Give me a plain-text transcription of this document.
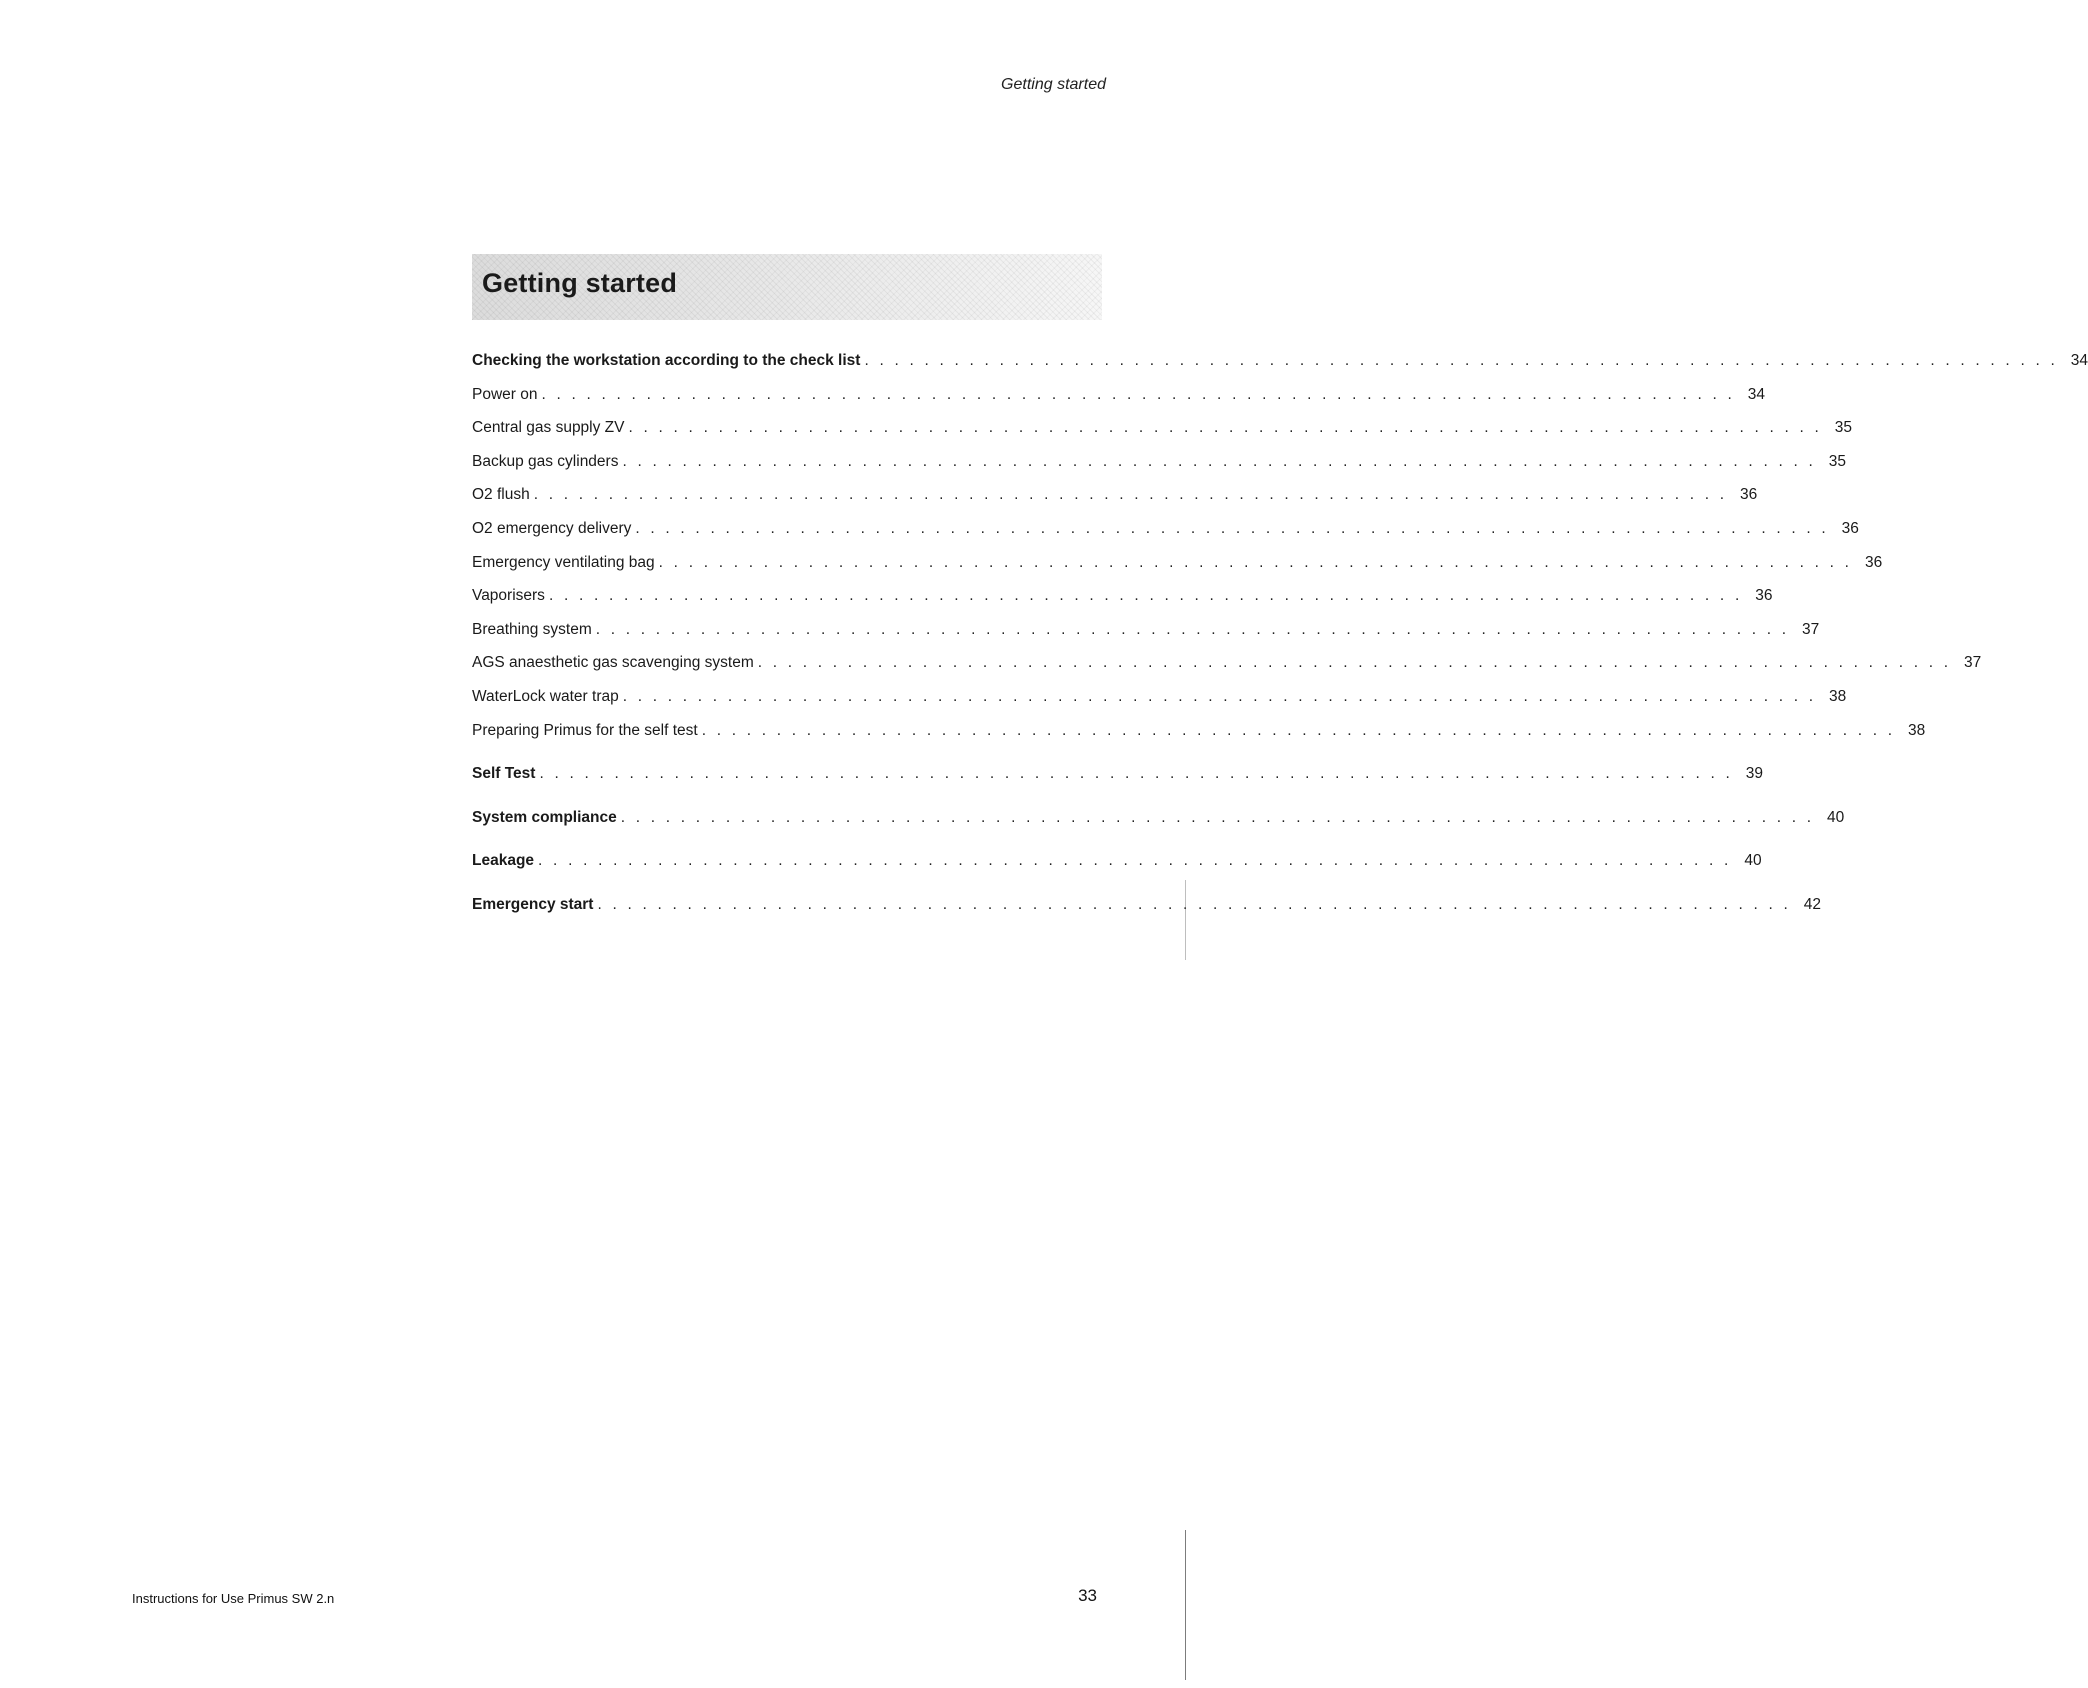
Getting started
Getting started
Checking the workstation according to the check list . . . . . . . . . . . . . . . . . . . . . . . . . . . . . . . . . . . . . . . . . . . . . . . . . . . . . . . . . . . . . . . . . . . . . . . . . . . . . . . . 34
Power on . . . . . . . . . . . . . . . . . . . . . . . . . . . . . . . . . . . . . . . . . . . . . . . . . . . . . . . . . . . . . . . . . . . . . . . . . . . . . . . . 34
Central gas supply ZV . . . . . . . . . . . . . . . . . . . . . . . . . . . . . . . . . . . . . . . . . . . . . . . . . . . . . . . . . . . . . . . . . . . . . . . . . . . . . . . . 35
Backup gas cylinders . . . . . . . . . . . . . . . . . . . . . . . . . . . . . . . . . . . . . . . . . . . . . . . . . . . . . . . . . . . . . . . . . . . . . . . . . . . . . . . . 35
O2 flush . . . . . . . . . . . . . . . . . . . . . . . . . . . . . . . . . . . . . . . . . . . . . . . . . . . . . . . . . . . . . . . . . . . . . . . . . . . . . . . . 36
O2 emergency delivery . . . . . . . . . . . . . . . . . . . . . . . . . . . . . . . . . . . . . . . . . . . . . . . . . . . . . . . . . . . . . . . . . . . . . . . . . . . . . . . . 36
Emergency ventilating bag . . . . . . . . . . . . . . . . . . . . . . . . . . . . . . . . . . . . . . . . . . . . . . . . . . . . . . . . . . . . . . . . . . . . . . . . . . . . . . . . 36
Vaporisers . . . . . . . . . . . . . . . . . . . . . . . . . . . . . . . . . . . . . . . . . . . . . . . . . . . . . . . . . . . . . . . . . . . . . . . . . . . . . . . . 36
Breathing system . . . . . . . . . . . . . . . . . . . . . . . . . . . . . . . . . . . . . . . . . . . . . . . . . . . . . . . . . . . . . . . . . . . . . . . . . . . . . . . . 37
AGS anaesthetic gas scavenging system . . . . . . . . . . . . . . . . . . . . . . . . . . . . . . . . . . . . . . . . . . . . . . . . . . . . . . . . . . . . . . . . . . . . . . . . . . . . . . . . 37
WaterLock water trap . . . . . . . . . . . . . . . . . . . . . . . . . . . . . . . . . . . . . . . . . . . . . . . . . . . . . . . . . . . . . . . . . . . . . . . . . . . . . . . . 38
Preparing Primus for the self test . . . . . . . . . . . . . . . . . . . . . . . . . . . . . . . . . . . . . . . . . . . . . . . . . . . . . . . . . . . . . . . . . . . . . . . . . . . . . . . . 38
Self Test . . . . . . . . . . . . . . . . . . . . . . . . . . . . . . . . . . . . . . . . . . . . . . . . . . . . . . . . . . . . . . . . . . . . . . . . . . . . . . . . 39
System compliance . . . . . . . . . . . . . . . . . . . . . . . . . . . . . . . . . . . . . . . . . . . . . . . . . . . . . . . . . . . . . . . . . . . . . . . . . . . . . . . . 40
Leakage . . . . . . . . . . . . . . . . . . . . . . . . . . . . . . . . . . . . . . . . . . . . . . . . . . . . . . . . . . . . . . . . . . . . . . . . . . . . . . . . 40
Emergency start . . . . . . . . . . . . . . . . . . . . . . . . . . . . . . . . . . . . . . . . . . . . . . . . . . . . . . . . . . . . . . . . . . . . . . . . . . . . . . . . 42
Instructions for Use Primus SW 2.n	33
